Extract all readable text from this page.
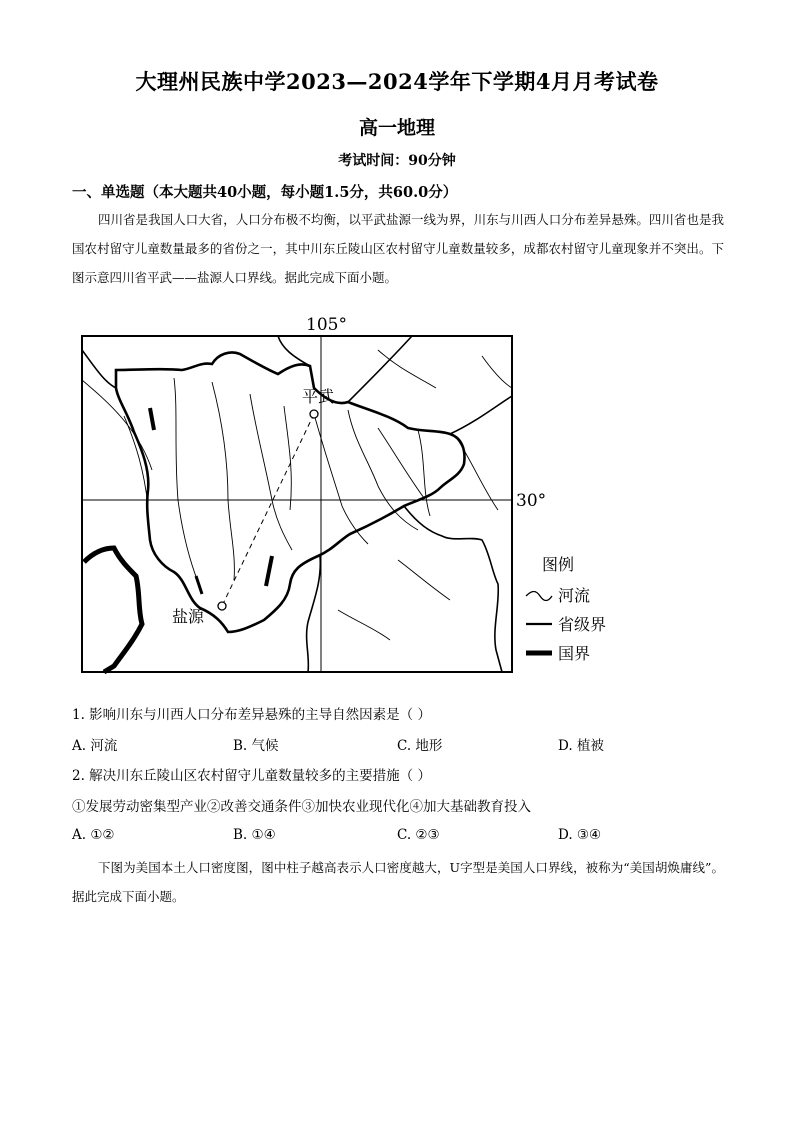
大理州民族中学2023—2024学年下学期4月月考试卷
高一地理
考试时间：90分钟
一、单选题（本大题共40小题，每小题1.5分，共60.0分）
四川省是我国人口大省，人口分布极不均衡，以平武盐源一线为界，川东与川西人口分布差异悬殊。四川省也是我国农村留守儿童数量最多的省份之一，其中川东丘陵山区农村留守儿童数量较多，成都农村留守儿童现象并不突出。下图示意四川省平武——盐源人口界线。据此完成下面小题。
105°
30°
平武
盐源
图例
河流
省级界
国界
1. 影响川东与川西人口分布差异悬殊的主导自然因素是（ ）
A. 河流	B. 气候	C. 地形	D. 植被
2. 解决川东丘陵山区农村留守儿童数量较多的主要措施（ ）
①发展劳动密集型产业②改善交通条件③加快农业现代化④加大基础教育投入
A. ①②	B. ①④	C. ②③	D. ③④
下图为美国本土人口密度图，图中柱子越高表示人口密度越大，U字型是美国人口界线，被称为“美国胡焕庸线”。据此完成下面小题。
